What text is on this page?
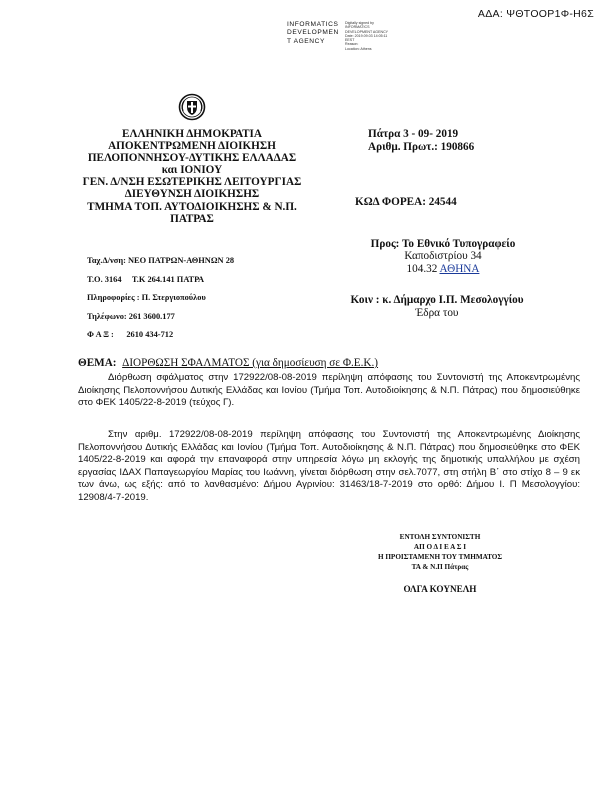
ΑΔΑ: ΨΘΤΟΟΡ1Φ-Η6Σ
INFORMATICS
DEVELOPMEN
T AGENCY
Digitally signed by
INFORMATICS
DEVELOPMENT AGENCY
Date: 2019.09.03 14:05:11
EEST
Reason:
Location: Athens
ΕΛΛΗΝΙΚΗ ΔΗΜΟΚΡΑΤΙΑ
ΑΠΟΚΕΝΤΡΩΜΕΝΗ ΔΙΟΙΚΗΣΗ
ΠΕΛΟΠΟΝΝΗΣΟΥ-ΔΥΤΙΚΗΣ ΕΛΛΑΔΑΣ
και ΙΟΝΙΟΥ
ΓΕΝ. Δ/ΝΣΗ ΕΣΩΤΕΡΙΚΗΣ ΛΕΙΤΟΥΡΓΙΑΣ
ΔΙΕΥΘΥΝΣΗ ΔΙΟΙΚΗΣΗΣ
ΤΜΗΜΑ ΤΟΠ. ΑΥΤΟΔΙΟΙΚΗΣΗΣ & Ν.Π.
ΠΑΤΡΑΣ
Πάτρα 3 - 09- 2019
Αριθμ. Πρωτ.: 190866
ΚΩΔ ΦΟΡΕΑ: 24544
Ταχ.Δ/νση: ΝΕΟ ΠΑΤΡΩΝ-ΑΘΗΝΩΝ 28
Τ.Ο. 3164     Τ.Κ 264.141 ΠΑΤΡΑ
Πληροφορίες : Π. Στεργιοπούλου
Τηλέφωνο: 261 3600.177
Φ Α Ξ :      2610 434-712
Προς: Το Εθνικό Τυπογραφείο
Καποδιστρίου 34
104.32 ΑΘΗΝΑ
Κοιν : κ. Δήμαρχο Ι.Π. Μεσολογγίου
Έδρα του
ΘΕΜΑ: ΔΙΟΡΘΩΣΗ ΣΦΑΛΜΑΤΟΣ (για δημοσίευση σε Φ.Ε.Κ.)
Διόρθωση σφάλματος στην 172922/08-08-2019 περίληψη απόφασης του Συντονιστή της Αποκεντρωμένης Διοίκησης Πελοποννήσου Δυτικής Ελλάδας και Ιονίου (Τμήμα Τοπ. Αυτοδιοίκησης & Ν.Π. Πάτρας) που δημοσιεύθηκε στο ΦΕΚ 1405/22-8-2019 (τεύχος Γ).
Στην αριθμ. 172922/08-08-2019 περίληψη απόφασης του Συντονιστή της Αποκεντρωμένης Διοίκησης Πελοποννήσου Δυτικής Ελλάδας και Ιονίου (Τμήμα Τοπ. Αυτοδιοίκησης & Ν.Π. Πάτρας) που δημοσιεύθηκε στο ΦΕΚ 1405/22-8-2019 και αφορά την επαναφορά στην υπηρεσία λόγω μη εκλογής της δημοτικής υπαλλήλου με σχέση εργασίας ΙΔΑΧ Παπαγεωργίου Μαρίας του Ιωάννη, γίνεται διόρθωση στην σελ.7077, στη στήλη Β΄ στο στίχο 8 – 9 εκ των άνω, ως εξής: από το λανθασμένο: Δήμου Αγρινίου: 31463/18-7-2019 στο ορθό: Δήμου Ι. Π Μεσολογγίου: 12908/4-7-2019.
ΕΝΤΟΛΗ ΣΥΝΤΟΝΙΣΤΗ
ΑΠ Ο Δ Ι Ε Α Σ Ι
Η ΠΡΟΙΣΤΑΜΕΝΗ ΤΟΥ ΤΜΗΜΑΤΟΣ
ΤΑ & Ν.Π Πάτρας
ΟΛΓΑ ΚΟΥΝΕΛΗ
